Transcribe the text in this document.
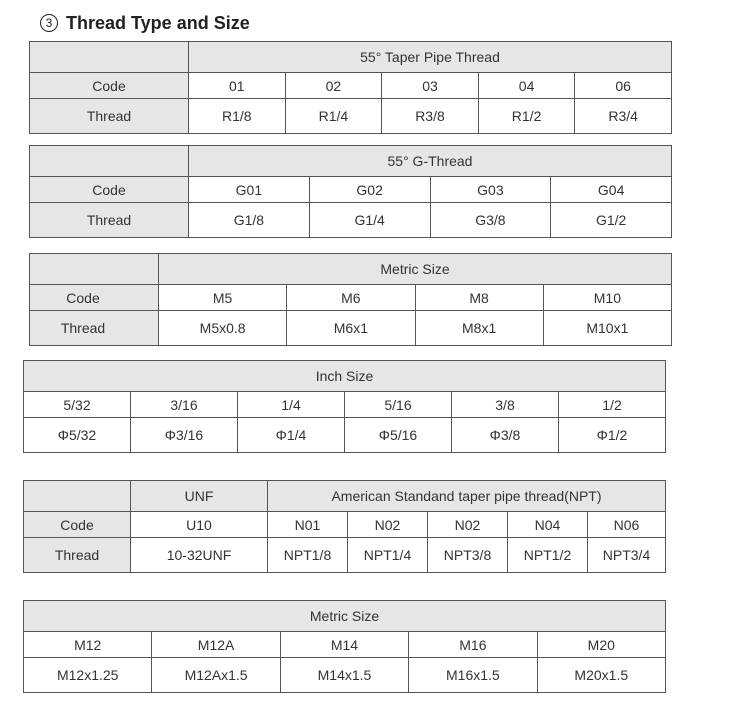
3 Thread Type and Size
	55° Taper Pipe Thread				
Code	01	02	03	04	06
Thread	R1/8	R1/4	R3/8	R1/2	R3/4
	55° G-Thread			
Code	G01	G02	G03	G04
Thread	G1/8	G1/4	G3/8	G1/2
	Metric Size			
Code	M5	M6	M8	M10
Thread	M5x0.8	M6x1	M8x1	M10x1
Inch Size					
5/32	3/16	1/4	5/16	3/8	1/2
Φ5/32	Φ3/16	Φ1/4	Φ5/16	Φ3/8	Φ1/2
	UNF	American Standand taper pipe thread(NPT)				
Code	U10	N01	N02	N02	N04	N06
Thread	10-32UNF	NPT1/8	NPT1/4	NPT3/8	NPT1/2	NPT3/4
Metric Size				
M12	M12A	M14	M16	M20
M12x1.25	M12Ax1.5	M14x1.5	M16x1.5	M20x1.5
